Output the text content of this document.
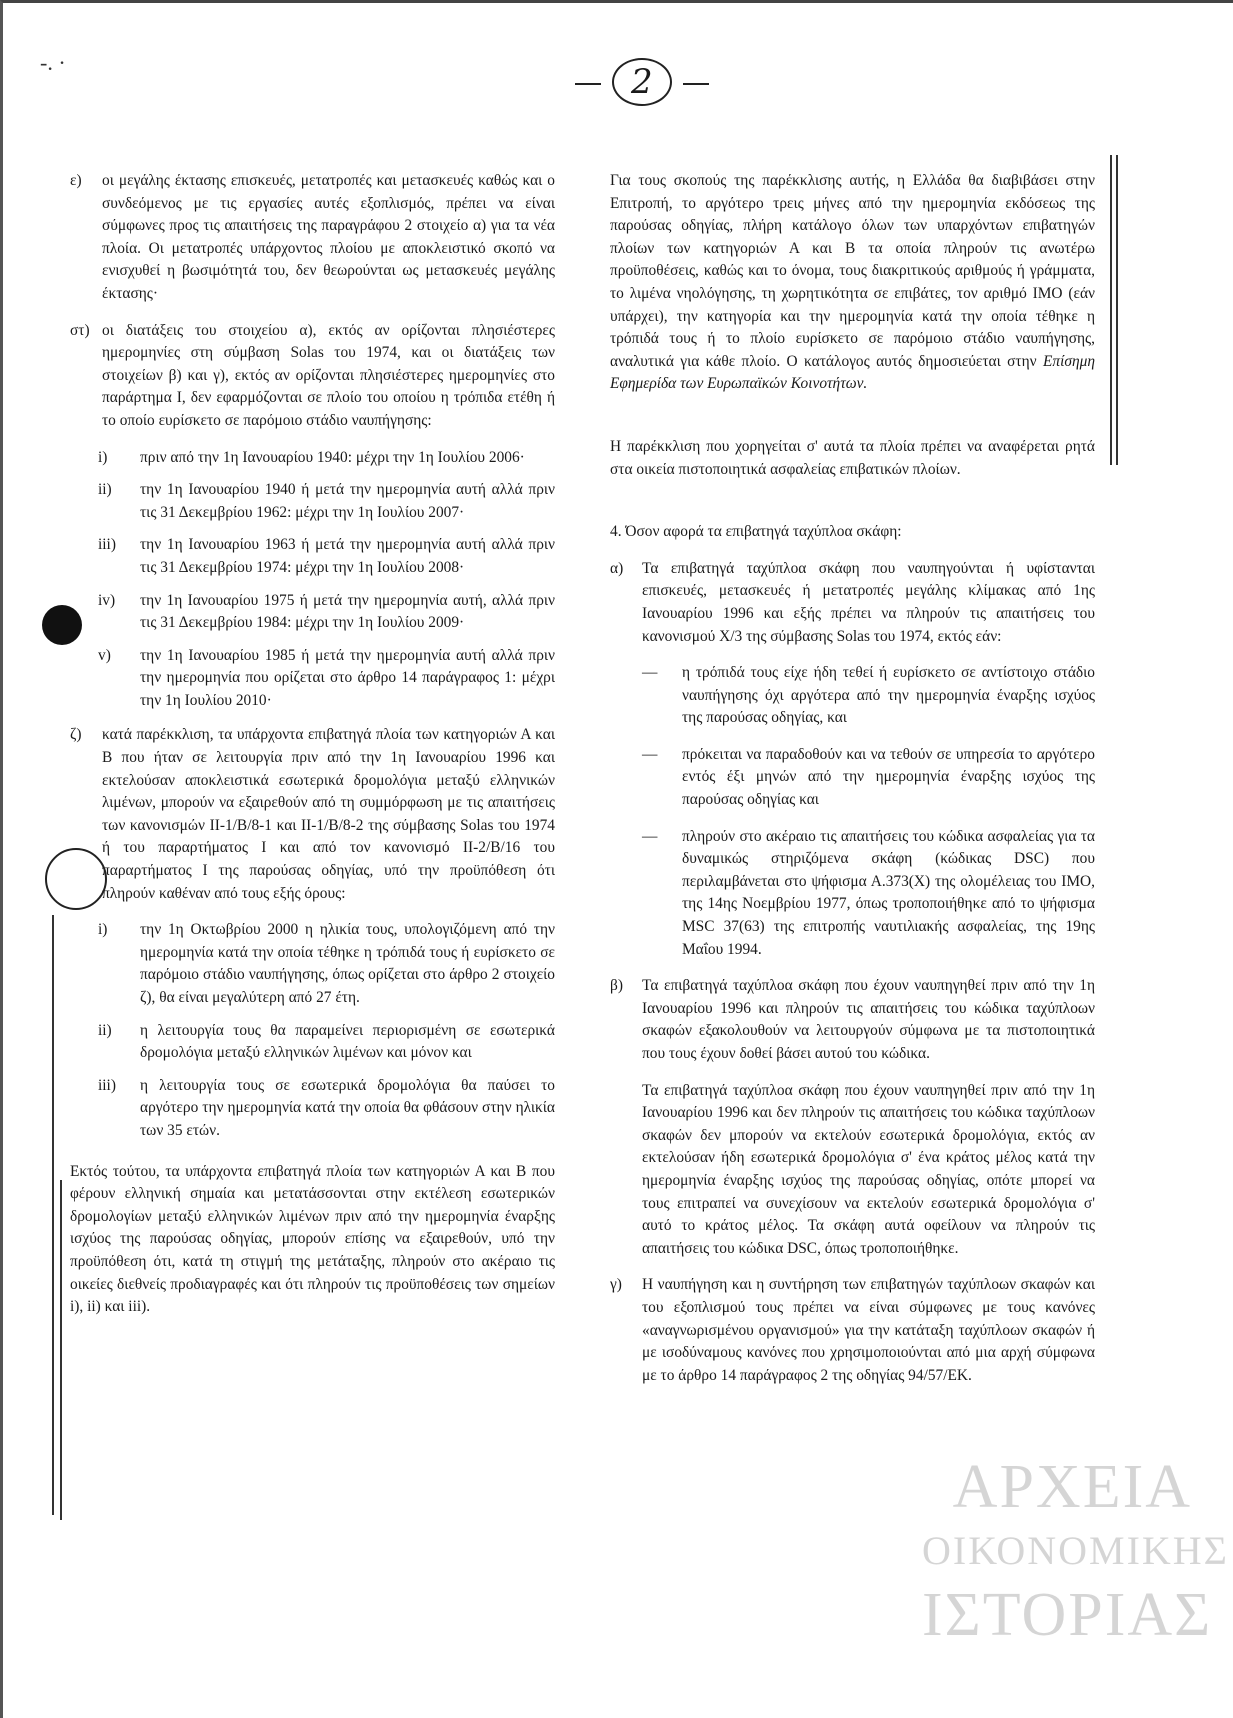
-. ·	2
ε)	οι μεγάλης έκτασης επισκευές, μετατροπές και μετασκευές καθώς και ο συνδεόμενος με τις εργασίες αυτές εξοπλισμός, πρέπει να είναι σύμφωνες προς τις απαιτήσεις της παραγράφου 2 στοιχείο α) για τα νέα πλοία. Οι μετατροπές υπάρχοντος πλοίου με αποκλειστικό σκοπό να ενισχυθεί η βωσιμότητά του, δεν θεωρούνται ως μετασκευές μεγάλης έκτασης·
στ) οι διατάξεις του στοιχείου α), εκτός αν ορίζονται πλησιέστερες ημερομηνίες στη σύμβαση Solas του 1974, και οι διατάξεις των στοιχείων β) και γ), εκτός αν ορίζονται πλησιέστερες ημερομηνίες στο παράρτημα Ι, δεν εφαρμόζονται σε πλοίο του οποίου η τρόπιδα ετέθη ή το οποίο ευρίσκετο σε παρόμοιο στάδιο ναυπήγησης:
i)	πριν από την 1η Ιανουαρίου 1940: μέχρι την 1η Ιουλίου 2006·
ii)	την 1η Ιανουαρίου 1940 ή μετά την ημερομηνία αυτή αλλά πριν τις 31 Δεκεμβρίου 1962: μέχρι την 1η Ιουλίου 2007·
iii)	την 1η Ιανουαρίου 1963 ή μετά την ημερομηνία αυτή αλλά πριν τις 31 Δεκεμβρίου 1974: μέχρι την 1η Ιουλίου 2008·
iv)	την 1η Ιανουαρίου 1975 ή μετά την ημερομηνία αυτή, αλλά πριν τις 31 Δεκεμβρίου 1984: μέχρι την 1η Ιουλίου 2009·
v)	την 1η Ιανουαρίου 1985 ή μετά την ημερομηνία αυτή αλλά πριν την ημερομηνία που ορίζεται στο άρθρο 14 παράγραφος 1: μέχρι την 1η Ιουλίου 2010·
ζ)	κατά παρέκκλιση, τα υπάρχοντα επιβατηγά πλοία των κατηγοριών Α και Β που ήταν σε λειτουργία πριν από την 1η Ιανουαρίου 1996 και εκτελούσαν αποκλειστικά εσωτερικά δρομολόγια μεταξύ ελληνικών λιμένων, μπορούν να εξαιρεθούν από τη συμμόρφωση με τις απαιτήσεις των κανονισμών ΙΙ-1/Β/8-1 και ΙΙ-1/Β/8-2 της σύμβασης Solas του 1974 ή του παραρτήματος Ι και από τον κανονισμό ΙΙ-2/Β/16 του παραρτήματος Ι της παρούσας οδηγίας, υπό την προϋπόθεση ότι πληρούν καθέναν από τους εξής όρους:
i)	την 1η Οκτωβρίου 2000 η ηλικία τους, υπολογιζόμενη από την ημερομηνία κατά την οποία τέθηκε η τρόπιδά τους ή ευρίσκετο σε παρόμοιο στάδιο ναυπήγησης, όπως ορίζεται στο άρθρο 2 στοιχείο ζ), θα είναι μεγαλύτερη από 27 έτη.
ii)	η λειτουργία τους θα παραμείνει περιορισμένη σε εσωτερικά δρομολόγια μεταξύ ελληνικών λιμένων και μόνον και
iii)	η λειτουργία τους σε εσωτερικά δρομολόγια θα παύσει το αργότερο την ημερομηνία κατά την οποία θα φθάσουν στην ηλικία των 35 ετών.
Εκτός τούτου, τα υπάρχοντα επιβατηγά πλοία των κατηγοριών Α και Β που φέρουν ελληνική σημαία και μετατάσσονται στην εκτέλεση εσωτερικών δρομολογίων μεταξύ ελληνικών λιμένων πριν από την ημερομηνία έναρξης ισχύος της παρούσας οδηγίας, μπορούν επίσης να εξαιρεθούν, υπό την προϋπόθεση ότι, κατά τη στιγμή της μετάταξης, πληρούν στο ακέραιο τις οικείες διεθνείς προδιαγραφές και ότι πληρούν τις προϋποθέσεις των σημείων i), ii) και iii).
Για τους σκοπούς της παρέκκλισης αυτής, η Ελλάδα θα διαβιβάσει στην Επιτροπή, το αργότερο τρεις μήνες από την ημερομηνία εκδόσεως της παρούσας οδηγίας, πλήρη κατάλογο όλων των υπαρχόντων επιβατηγών πλοίων των κατηγοριών Α και Β τα οποία πληρούν τις ανωτέρω προϋποθέσεις, καθώς και το όνομα, τους διακριτικούς αριθμούς ή γράμματα, το λιμένα νηολόγησης, τη χωρητικότητα σε επιβάτες, τον αριθμό ΙΜΟ (εάν υπάρχει), την κατηγορία και την ημερομηνία κατά την οποία τέθηκε η τρόπιδά τους ή το πλοίο ευρίσκετο σε παρόμοιο στάδιο ναυπήγησης, αναλυτικά για κάθε πλοίο. Ο κατάλογος αυτός δημοσιεύεται στην Επίσημη Εφημερίδα των Ευρωπαϊκών Κοινοτήτων.
Η παρέκκλιση που χορηγείται σ' αυτά τα πλοία πρέπει να αναφέρεται ρητά στα οικεία πιστοποιητικά ασφαλείας επιβατικών πλοίων.
4. Όσον αφορά τα επιβατηγά ταχύπλοα σκάφη:
α)	Τα επιβατηγά ταχύπλοα σκάφη που ναυπηγούνται ή υφίστανται επισκευές, μετασκευές ή μετατροπές μεγάλης κλίμακας από 1ης Ιανουαρίου 1996 και εξής πρέπει να πληρούν τις απαιτήσεις του κανονισμού Χ/3 της σύμβασης Solas του 1974, εκτός εάν:
—	η τρόπιδά τους είχε ήδη τεθεί ή ευρίσκετο σε αντίστοιχο στάδιο ναυπήγησης όχι αργότερα από την ημερομηνία έναρξης ισχύος της παρούσας οδηγίας, και
—	πρόκειται να παραδοθούν και να τεθούν σε υπηρεσία το αργότερο εντός έξι μηνών από την ημερομηνία έναρξης ισχύος της παρούσας οδηγίας και
—	πληρούν στο ακέραιο τις απαιτήσεις του κώδικα ασφαλείας για τα δυναμικώς στηριζόμενα σκάφη (κώδικας DSC) που περιλαμβάνεται στο ψήφισμα Α.373(Χ) της ολομέλειας του ΙΜΟ, της 14ης Νοεμβρίου 1977, όπως τροποποιήθηκε από το ψήφισμα MSC 37(63) της επιτροπής ναυτιλιακής ασφαλείας, της 19ης Μαΐου 1994.
β)	Τα επιβατηγά ταχύπλοα σκάφη που έχουν ναυπηγηθεί πριν από την 1η Ιανουαρίου 1996 και πληρούν τις απαιτήσεις του κώδικα ταχύπλοων σκαφών εξακολουθούν να λειτουργούν σύμφωνα με τα πιστοποιητικά που τους έχουν δοθεί βάσει αυτού του κώδικα.
Τα επιβατηγά ταχύπλοα σκάφη που έχουν ναυπηγηθεί πριν από την 1η Ιανουαρίου 1996 και δεν πληρούν τις απαιτήσεις του κώδικα ταχύπλοων σκαφών δεν μπορούν να εκτελούν εσωτερικά δρομολόγια, εκτός αν εκτελούσαν ήδη εσωτερικά δρομολόγια σ' ένα κράτος μέλος κατά την ημερομηνία έναρξης ισχύος της παρούσας οδηγίας, οπότε μπορεί να τους επιτραπεί να συνεχίσουν να εκτελούν εσωτερικά δρομολόγια σ' αυτό το κράτος μέλος. Τα σκάφη αυτά οφείλουν να πληρούν τις απαιτήσεις του κώδικα DSC, όπως τροποποιήθηκε.
γ)	Η ναυπήγηση και η συντήρηση των επιβατηγών ταχύπλοων σκαφών και του εξοπλισμού τους πρέπει να είναι σύμφωνες με τους κανόνες «αναγνωρισμένου οργανισμού» για την κατάταξη ταχύπλοων σκαφών ή με ισοδύναμους κανόνες που χρησιμοποιούνται από μια αρχή σύμφωνα με το άρθρο 14 παράγραφος 2 της οδηγίας 94/57/ΕΚ.
ΑΡΧΕΙΑ
ΟΙΚΟΝΟΜΙΚΗΣ
ΙΣΤΟΡΙΑΣ
